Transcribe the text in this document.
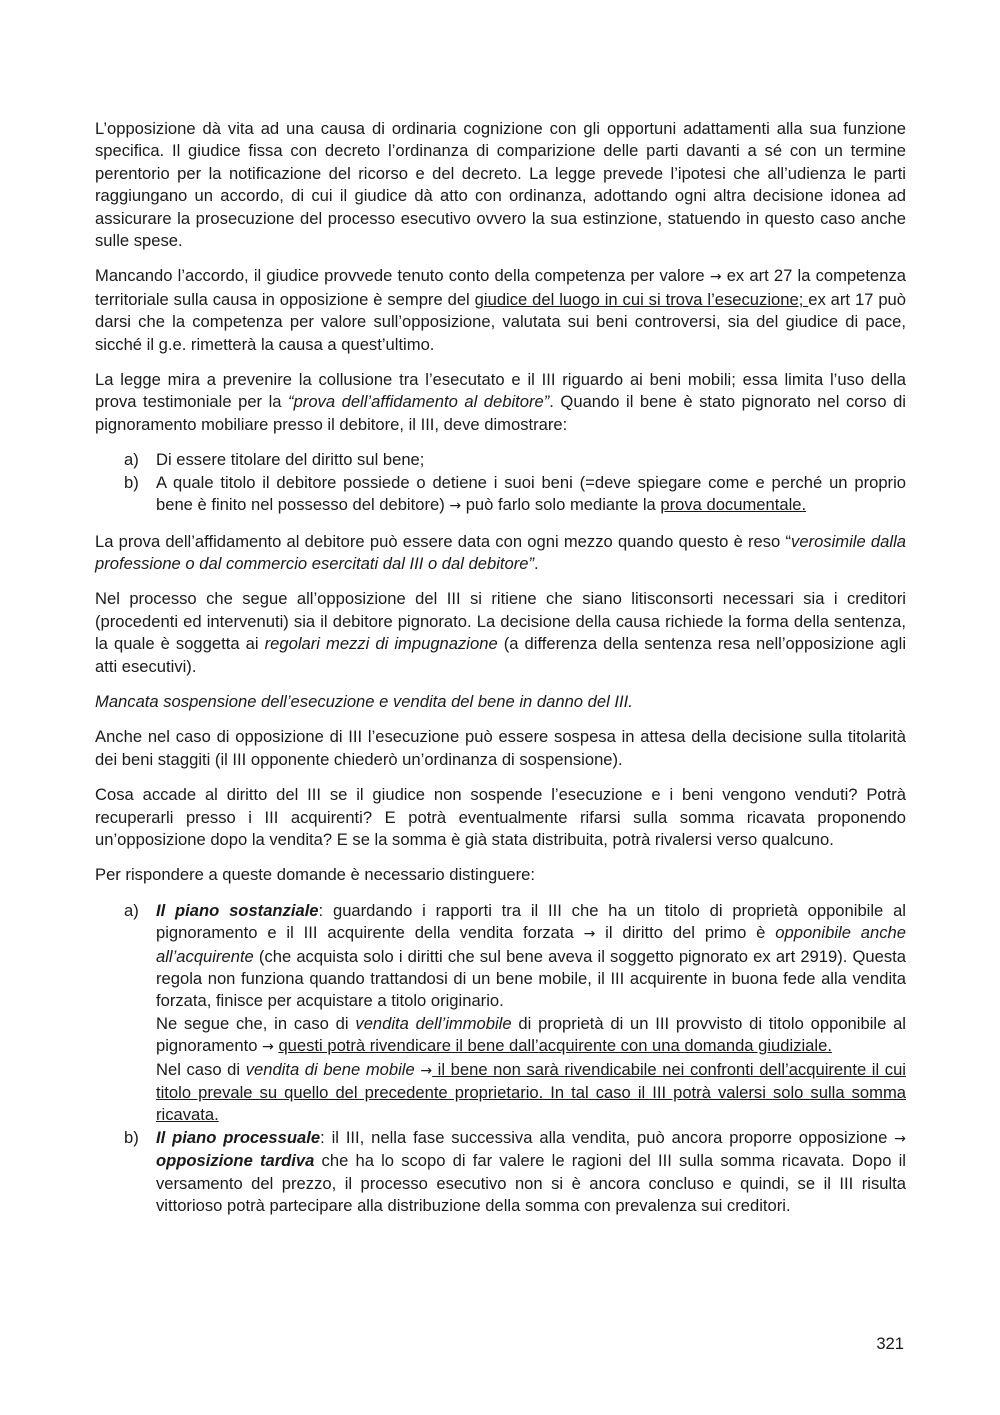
L’opposizione dà vita ad una causa di ordinaria cognizione con gli opportuni adattamenti alla sua funzione specifica. Il giudice fissa con decreto l’ordinanza di comparizione delle parti davanti a sé con un termine perentorio per la notificazione del ricorso e del decreto. La legge prevede l’ipotesi che all’udienza le parti raggiungano un accordo, di cui il giudice dà atto con ordinanza, adottando ogni altra decisione idonea ad assicurare la prosecuzione del processo esecutivo ovvero la sua estinzione, statuendo in questo caso anche sulle spese.

Mancando l’accordo, il giudice provvede tenuto conto della competenza per valore → ex art 27 la competenza territoriale sulla causa in opposizione è sempre del giudice del luogo in cui si trova l’esecuzione; ex art 17 può darsi che la competenza per valore sull’opposizione, valutata sui beni controversi, sia del giudice di pace, sicché il g.e. rimetterà la causa a quest’ultimo.

La legge mira a prevenire la collusione tra l’esecutato e il III riguardo ai beni mobili; essa limita l’uso della prova testimoniale per la “prova dell’affidamento al debitore”. Quando il bene è stato pignorato nel corso di pignoramento mobiliare presso il debitore, il III, deve dimostrare:

a) Di essere titolare del diritto sul bene;
b) A quale titolo il debitore possiede o detiene i suoi beni (=deve spiegare come e perché un proprio bene è finito nel possesso del debitore) → può farlo solo mediante la prova documentale.

La prova dell’affidamento al debitore può essere data con ogni mezzo quando questo è reso “verosimile dalla professione o dal commercio esercitati dal III o dal debitore”.

Nel processo che segue all’opposizione del III si ritiene che siano litisconsorti necessari sia i creditori (procedenti ed intervenuti) sia il debitore pignorato. La decisione della causa richiede la forma della sentenza, la quale è soggetta ai regolari mezzi di impugnazione (a differenza della sentenza resa nell’opposizione agli atti esecutivi).

Mancata sospensione dell’esecuzione e vendita del bene in danno del III.

Anche nel caso di opposizione di III l’esecuzione può essere sospesa in attesa della decisione sulla titolarità dei beni staggiti (il III opponente chiederò un’ordinanza di sospensione).

Cosa accade al diritto del III se il giudice non sospende l’esecuzione e i beni vengono venduti? Potrà recuperarli presso i III acquirenti? E potrà eventualmente rifarsi sulla somma ricavata proponendo un’opposizione dopo la vendita? E se la somma è già stata distribuita, potrà rivalersi verso qualcuno.

Per rispondere a queste domande è necessario distinguere:

a) Il piano sostanziale: guardando i rapporti tra il III che ha un titolo di proprietà opponibile al pignoramento e il III acquirente della vendita forzata → il diritto del primo è opponibile anche all’acquirente (che acquista solo i diritti che sul bene aveva il soggetto pignorato ex art 2919). Questa regola non funziona quando trattandosi di un bene mobile, il III acquirente in buona fede alla vendita forzata, finisce per acquistare a titolo originario.
Ne segue che, in caso di vendita dell’immobile di proprietà di un III provvisto di titolo opponibile al pignoramento → questi potrà rivendicare il bene dall’acquirente con una domanda giudiziale.
Nel caso di vendita di bene mobile → il bene non sarà rivendicabile nei confronti dell’acquirente il cui titolo prevale su quello del precedente proprietario. In tal caso il III potrà valersi solo sulla somma ricavata.
b) Il piano processuale: il III, nella fase successiva alla vendita, può ancora proporre opposizione → opposizione tardiva che ha lo scopo di far valere le ragioni del III sulla somma ricavata. Dopo il versamento del prezzo, il processo esecutivo non si è ancora concluso e quindi, se il III risulta vittorioso potrà partecipare alla distribuzione della somma con prevalenza sui creditori.
321
